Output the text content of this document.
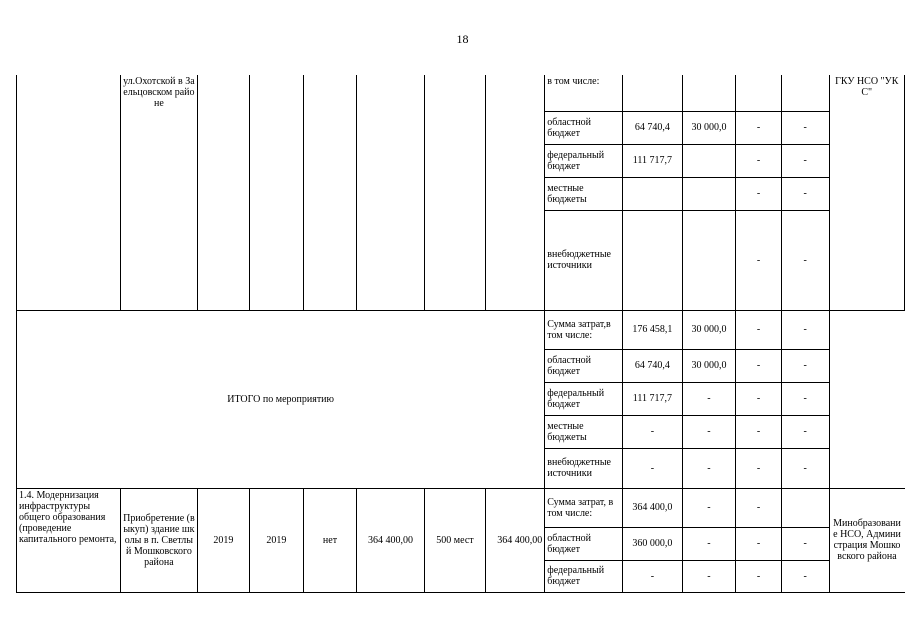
18
	ул.Охотской в Заельцовском районе							в том числе:					ГКУ НСО "УКС"
								областной бюджет	64 740,4	30 000,0	-	-	
								федеральный бюджет	111 717,7		-	-	
								местные бюджеты			-	-	
								внебюджетные источники			-	-	
ИТОГО по мероприятию								Сумма затрат,в том числе:	176 458,1	30 000,0	-	-	
								областной бюджет	64 740,4	30 000,0	-	-	
								федеральный бюджет	111 717,7	-	-	-	
								местные бюджеты	-	-	-	-	
								внебюджетные источники	-	-	-	-	
1.4. Модернизация инфраструктуры общего образования (проведение капитального ремонта,	Приобретение (выкуп) здание школы в п. Светлый Мошковского района	2019	2019	нет	364 400,00	500 мест	364 400,00	Сумма затрат, в том числе:	364 400,0	-	-		Минобразование НСО, Администрация Мошковского района
								областной бюджет	360 000,0	-	-	-	
								федеральный бюджет	-	-	-	-	
